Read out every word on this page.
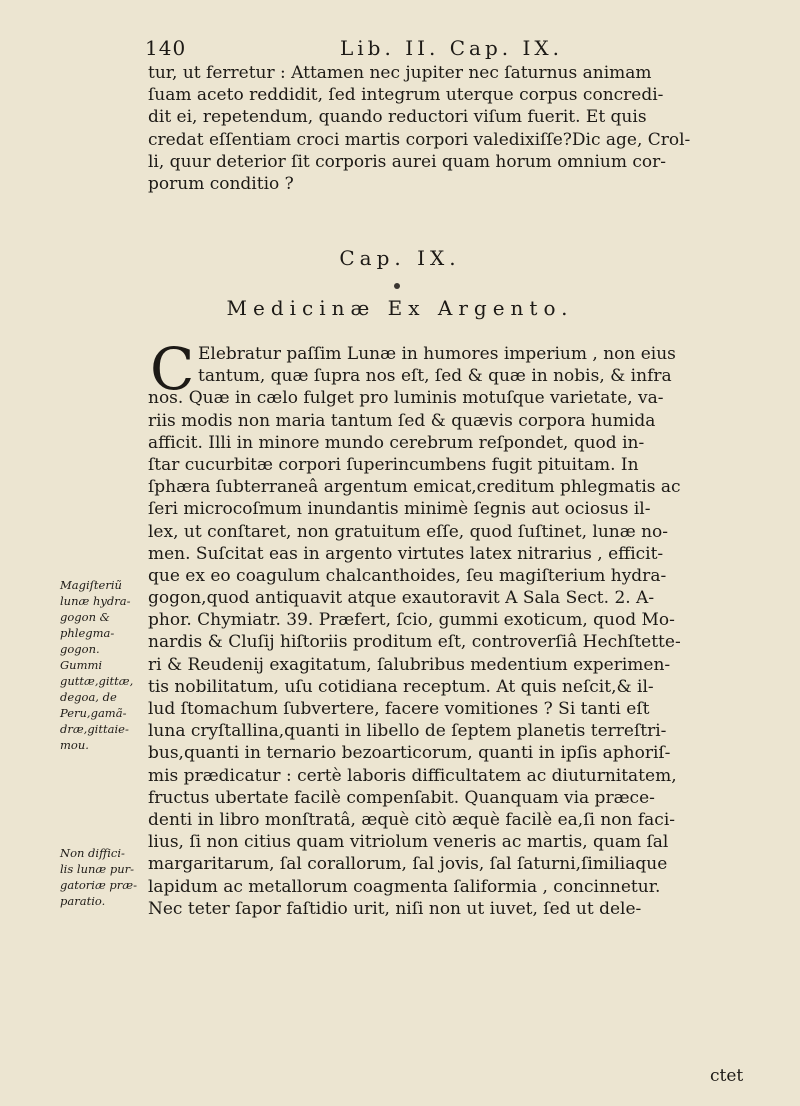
140	Lib. II. Cap. IX.
tur, ut ferretur : Attamen nec jupiter nec ſaturnus animam
ſuam aceto reddidit, ſed integrum uterque corpus concredi-
dit ei, repetendum, quando reductori viſum fuerit. Et quis
credat eſſentiam croci martis corpori valedixiſſe?Dic age, Crol-
li, quur deterior ſit corporis aurei quam horum omnium cor-
porum conditio ?
Cap. IX.
Medicinæ Ex Argento.
C Elebratur paſſim Lunæ in humores imperium , non eius
tantum, quæ ſupra nos eſt, ſed & quæ in nobis, & infra
nos. Quæ in cælo fulget pro luminis motuſque varietate, va-
riis modis non maria tantum ſed & quævis corpora humida
afficit. Illi in minore mundo cerebrum reſpondet, quod in-
ſtar cucurbitæ corpori ſuperincumbens fugit pituitam. In
ſphæra ſubterraneâ argentum emicat,creditum phlegmatis ac
ſeri microcoſmum inundantis minimè ſegnis aut ociosus il-
lex, ut conſtaret, non gratuitum eſſe, quod ſuſtinet, lunæ no-
men. Suſcitat eas in argento virtutes latex nitrarius , efficit-
que ex eo coagulum chalcanthoides, ſeu magiſterium hydra-
gogon,quod antiquavit atque exautoravit A Sala Sect. 2. A-
phor. Chymiatr. 39. Præfert, ſcio, gummi exoticum, quod Mo-
nardis & Cluſij hiſtoriis proditum eſt, controverſiâ Hechſtette-
ri & Reudenij exagitatum, ſalubribus medentium experimen-
tis nobilitatum, uſu cotidiana receptum. At quis neſcit,& il-
lud ſtomachum ſubvertere, facere vomitiones ? Si tanti eſt
luna cryſtallina,quanti in libello de ſeptem planetis terreſtri-
bus,quanti in ternario bezoarticorum, quanti in ipſis aphoriſ-
mis prædicatur : certè laboris difficultatem ac diuturnitatem,
fructus ubertate facilè compenſabit. Quanquam via præce-
denti in libro monſtratâ, æquè citò æquè facilè ea,ſi non faci-
lius, ſi non citius quam vitriolum veneris ac martis, quam ſal
margaritarum, ſal corallorum, ſal jovis, ſal ſaturni,ſimiliaque
lapidum ac metallorum coagmenta ſaliformia , concinnetur.
Nec teter ſapor faſtidio urit, niſi non ut iuvet, ſed ut dele-
Magiſteriũ
lunæ hydra-
gogon &
phlegma-
gogon.
Gummi
guttæ,gittæ,
degoa, de
Peru,gamã-
dræ,gittaie-
mou.
Non diffici-
lis lunæ pur-
gatoriæ præ-
paratio.
ctet
